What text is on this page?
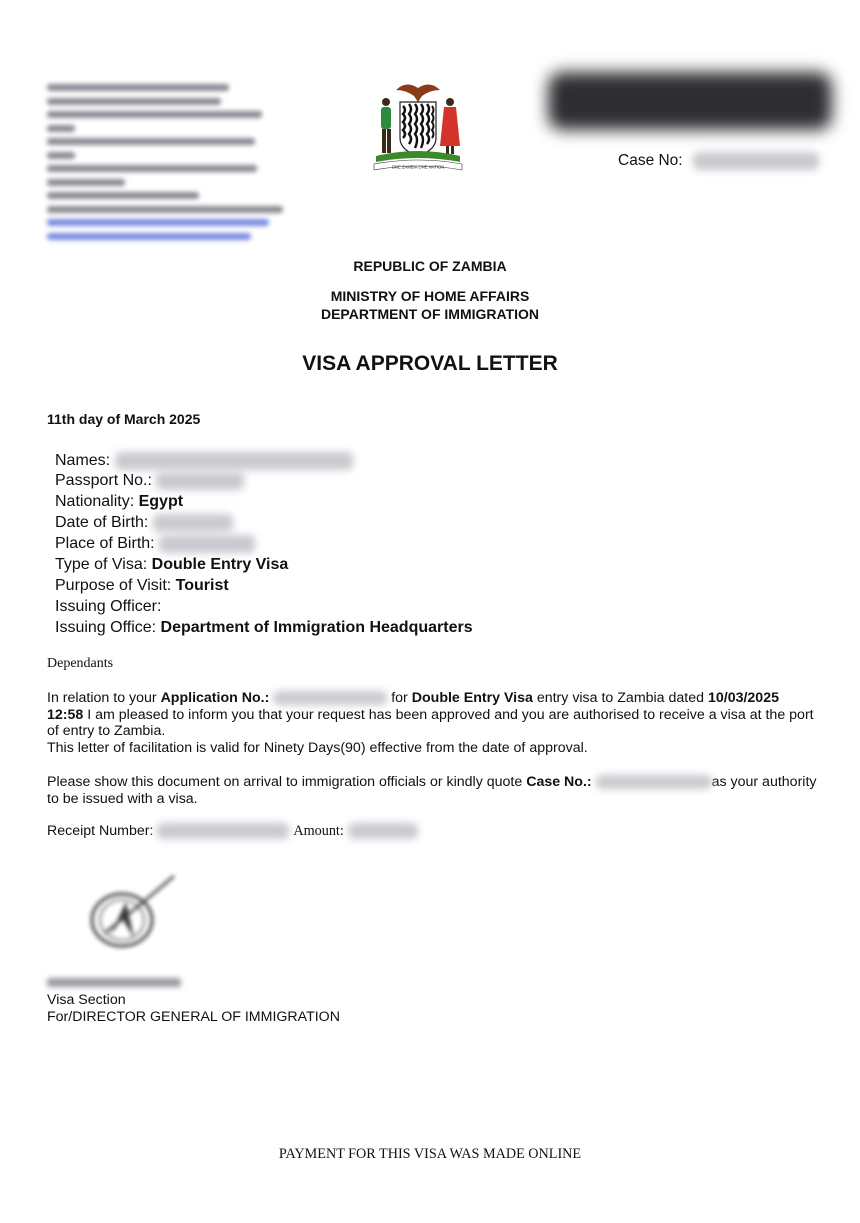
ONE ZAMBIA ONE NATION	Case No:
REPUBLIC OF ZAMBIA
MINISTRY OF HOME AFFAIRS
DEPARTMENT OF IMMIGRATION
VISA APPROVAL LETTER
11th day of March 2025
Names:
Passport No.:
Nationality: Egypt
Date of Birth:
Place of Birth:
Type of Visa: Double Entry Visa
Purpose of Visit: Tourist
Issuing Officer:
Issuing Office: Department of Immigration Headquarters
Dependants
In relation to your Application No.:	for Double Entry Visa entry visa to Zambia dated 10/03/2025 12:58 I am pleased to inform you that your request has been approved and you are authorised to receive a visa at the port of entry to Zambia.
This letter of facilitation is valid for Ninety Days(90) effective from the date of approval.
Please show this document on arrival to immigration officials or kindly quote Case No.:	as your authority to be issued with a visa.
Receipt Number:	Amount:
Visa Section
For/DIRECTOR GENERAL OF IMMIGRATION
PAYMENT FOR THIS VISA WAS MADE ONLINE
